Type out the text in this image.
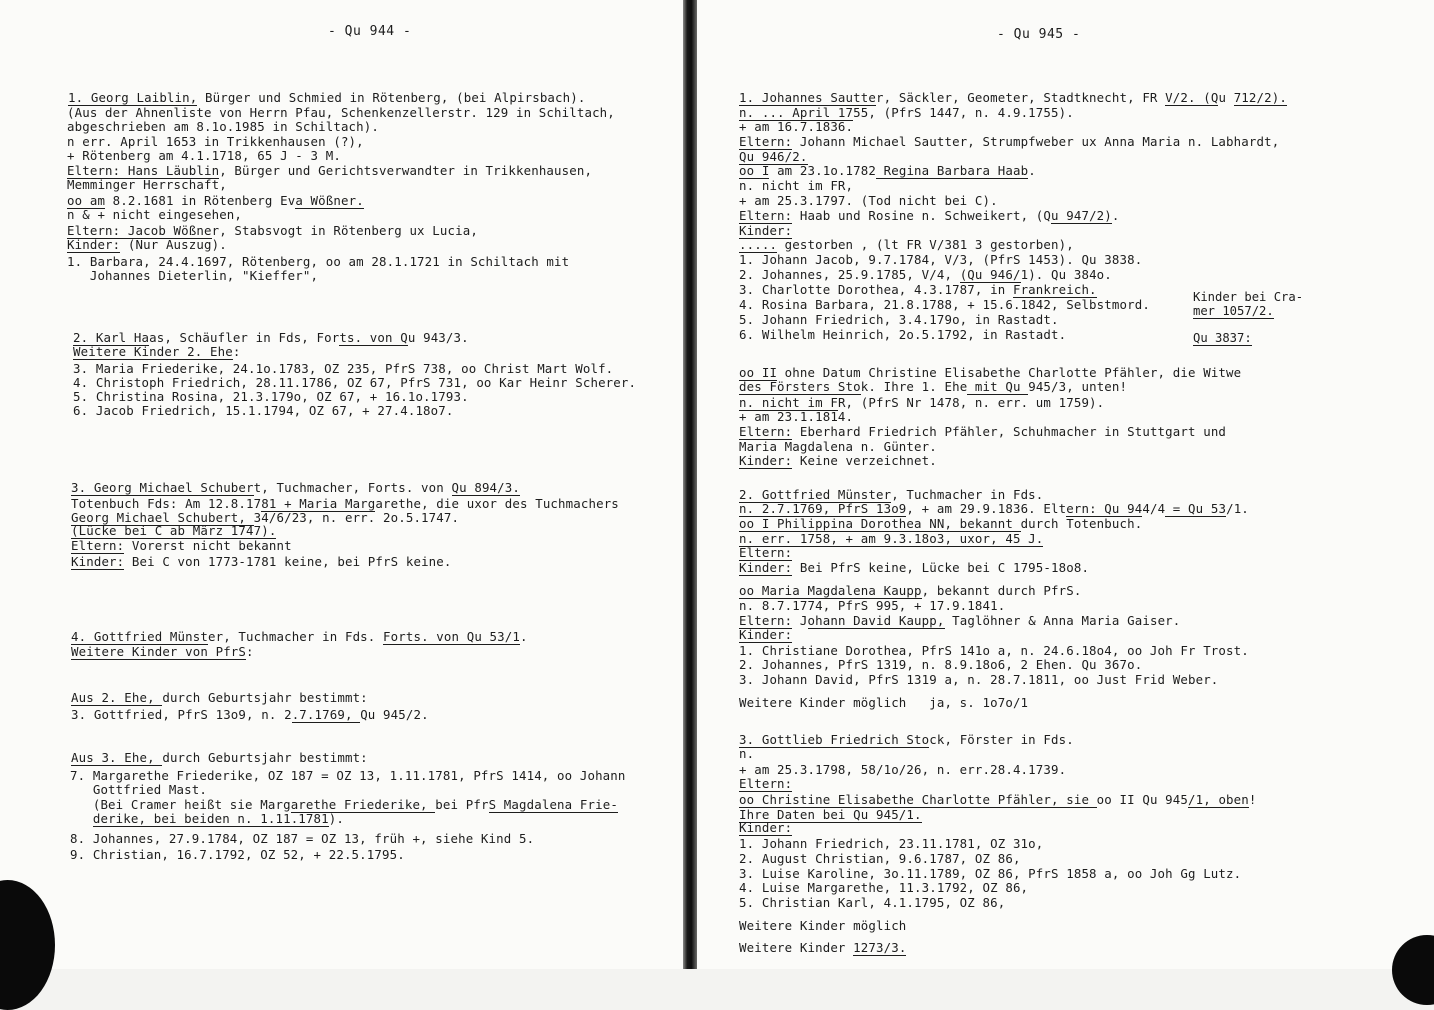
- Qu 944 -
1. Georg Laiblin, Bürger und Schmied in Rötenberg, (bei Alpirsbach).
(Aus der Ahnenliste von Herrn Pfau, Schenkenzellerstr. 129 in Schiltach,
abgeschrieben am 8.1o.1985 in Schiltach).
n err. April 1653 in Trikkenhausen (?),
+ Rötenberg am 4.1.1718, 65 J - 3 M.
Eltern: Hans Läublin, Bürger und Gerichtsverwandter in Trikkenhausen,
Memminger Herrschaft,
oo am 8.2.1681 in Rötenberg Eva Wößner.
n & + nicht eingesehen,
Eltern: Jacob Wößner, Stabsvogt in Rötenberg ux Lucia,
Kinder: (Nur Auszug).
1. Barbara, 24.4.1697, Rötenberg, oo am 28.1.1721 in Schiltach mit
Johannes Dieterlin, "Kieffer",
2. Karl Haas, Schäufler in Fds, Forts. von Qu 943/3.
Weitere Kinder 2. Ehe:
3. Maria Friederike, 24.1o.1783, OZ 235, PfrS 738, oo Christ Mart Wolf.
4. Christoph Friedrich, 28.11.1786, OZ 67, PfrS 731, oo Kar Heinr Scherer.
5. Christina Rosina, 21.3.179o, OZ 67, + 16.1o.1793.
6. Jacob Friedrich, 15.1.1794, OZ 67, + 27.4.18o7.
3. Georg Michael Schubert, Tuchmacher, Forts. von Qu 894/3.
Totenbuch Fds: Am 12.8.1781 + Maria Margarethe, die uxor des Tuchmachers
Georg Michael Schubert, 34/6/23, n. err. 2o.5.1747.
(Lücke bei C ab März 1747).
Eltern: Vorerst nicht bekannt
Kinder: Bei C von 1773-1781 keine, bei PfrS keine.
4. Gottfried Münster, Tuchmacher in Fds. Forts. von Qu 53/1.
Weitere Kinder von PfrS:
Aus 2. Ehe, durch Geburtsjahr bestimmt:
3. Gottfried, PfrS 13o9, n. 2.7.1769, Qu 945/2.
Aus 3. Ehe, durch Geburtsjahr bestimmt:
7. Margarethe Friederike, OZ 187 = OZ 13, 1.11.1781, PfrS 1414, oo Johann
Gottfried Mast.
(Bei Cramer heißt sie Margarethe Friederike, bei PfrS Magdalena Frie-
derike, bei beiden n. 1.11.1781).
8. Johannes, 27.9.1784, OZ 187 = OZ 13, früh +, siehe Kind 5.
9. Christian, 16.7.1792, OZ 52, + 22.5.1795.
- Qu 945 -
1. Johannes Sautter, Säckler, Geometer, Stadtknecht, FR V/2. (Qu 712/2).
n. ... April 1755, (PfrS 1447, n. 4.9.1755).
+ am 16.7.1836.
Eltern: Johann Michael Sautter, Strumpfweber ux Anna Maria n. Labhardt,
Qu 946/2.
oo I am 23.1o.1782 Regina Barbara Haab.
n. nicht im FR,
+ am 25.3.1797. (Tod nicht bei C).
Eltern: Haab und Rosine n. Schweikert, (Qu 947/2).
Kinder:
..... gestorben , (lt FR V/381 3 gestorben),
1. Johann Jacob, 9.7.1784, V/3, (PfrS 1453). Qu 3838.
2. Johannes, 25.9.1785, V/4, (Qu 946/1). Qu 384o.
3. Charlotte Dorothea, 4.3.1787, in Frankreich.
4. Rosina Barbara, 21.8.1788, + 15.6.1842, Selbstmord.
5. Johann Friedrich, 3.4.179o, in Rastadt.
6. Wilhelm Heinrich, 2o.5.1792, in Rastadt.
oo II ohne Datum Christine Elisabethe Charlotte Pfähler, die Witwe
des Försters Stok. Ihre 1. Ehe mit Qu 945/3, unten!
n. nicht im FR, (PfrS Nr 1478, n. err. um 1759).
+ am 23.1.1814.
Eltern: Eberhard Friedrich Pfähler, Schuhmacher in Stuttgart und
Maria Magdalena n. Günter.
Kinder: Keine verzeichnet.
2. Gottfried Münster, Tuchmacher in Fds.
n. 2.7.1769, PfrS 13o9, + am 29.9.1836. Eltern: Qu 944/4 = Qu 53/1.
oo I Philippina Dorothea NN, bekannt durch Totenbuch.
n. err. 1758, + am 9.3.18o3, uxor, 45 J.
Eltern:
Kinder: Bei PfrS keine, Lücke bei C 1795-18o8.
oo Maria Magdalena Kaupp, bekannt durch PfrS.
n. 8.7.1774, PfrS 995, + 17.9.1841.
Eltern: Johann David Kaupp, Taglöhner & Anna Maria Gaiser.
Kinder:
1. Christiane Dorothea, PfrS 141o a, n. 24.6.18o4, oo Joh Fr Trost.
2. Johannes, PfrS 1319, n. 8.9.18o6, 2 Ehen. Qu 367o.
3. Johann David, PfrS 1319 a, n. 28.7.1811, oo Just Frid Weber.
Weitere Kinder möglich   ja, s. 1o7o/1
3. Gottlieb Friedrich Stock, Förster in Fds.
n.
+ am 25.3.1798, 58/1o/26, n. err.28.4.1739.
Eltern:
oo Christine Elisabethe Charlotte Pfähler, sie oo II Qu 945/1, oben!
Ihre Daten bei Qu 945/1.
Kinder:
1. Johann Friedrich, 23.11.1781, OZ 31o,
2. August Christian, 9.6.1787, OZ 86,
3. Luise Karoline, 3o.11.1789, OZ 86, PfrS 1858 a, oo Joh Gg Lutz.
4. Luise Margarethe, 11.3.1792, OZ 86,
5. Christian Karl, 4.1.1795, OZ 86,
Weitere Kinder möglich
Weitere Kinder 1273/3.
Kinder bei Cra-
mer 1057/2.
Qu 3837:
